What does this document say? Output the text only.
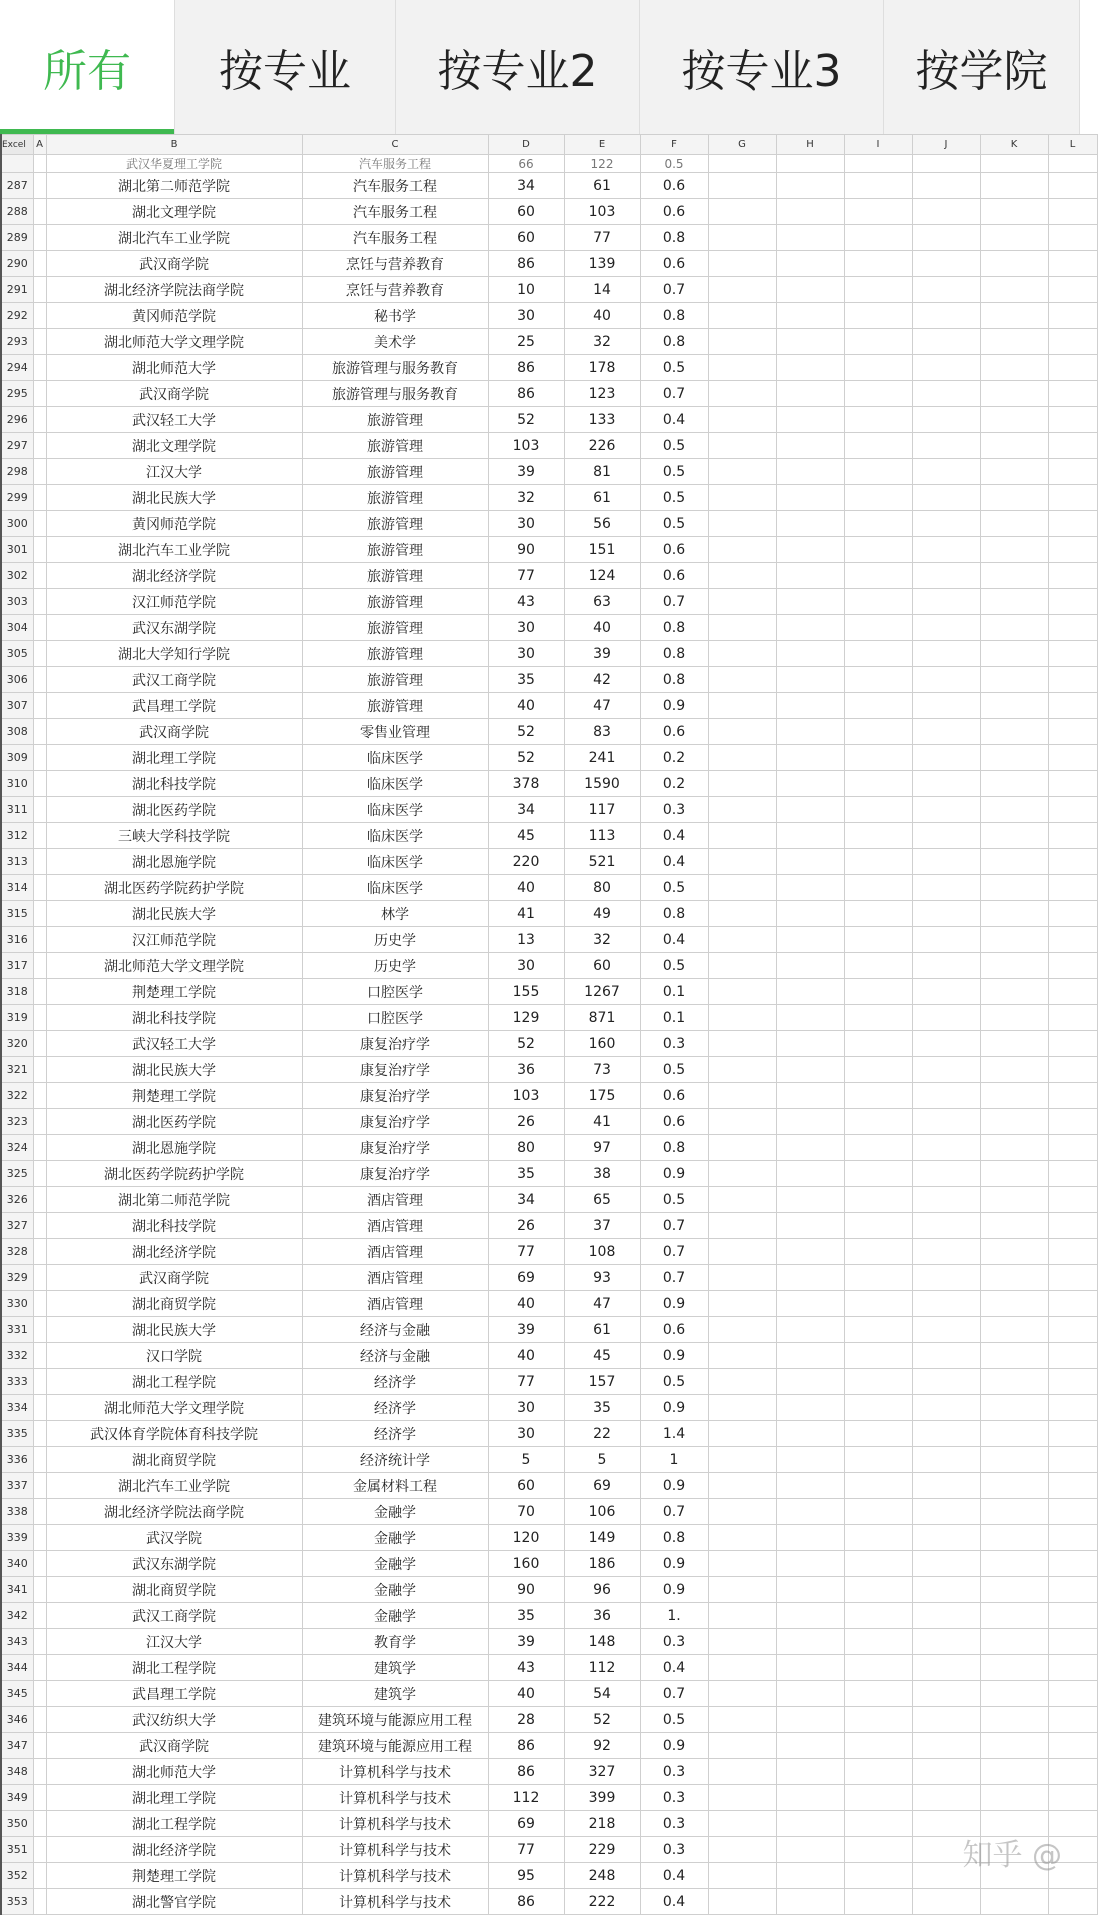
所有	按专业	按专业2	按专业3	按学院
Excel	A	B	C	D	E	F	G	H	I	J	K	L
		武汉华夏理工学院	汽车服务工程	66	122	0.5						
287		湖北第二师范学院	汽车服务工程	34	61	0.6						
288		湖北文理学院	汽车服务工程	60	103	0.6						
289		湖北汽车工业学院	汽车服务工程	60	77	0.8						
290		武汉商学院	烹饪与营养教育	86	139	0.6						
291		湖北经济学院法商学院	烹饪与营养教育	10	14	0.7						
292		黄冈师范学院	秘书学	30	40	0.8						
293		湖北师范大学文理学院	美术学	25	32	0.8						
294		湖北师范大学	旅游管理与服务教育	86	178	0.5						
295		武汉商学院	旅游管理与服务教育	86	123	0.7						
296		武汉轻工大学	旅游管理	52	133	0.4						
297		湖北文理学院	旅游管理	103	226	0.5						
298		江汉大学	旅游管理	39	81	0.5						
299		湖北民族大学	旅游管理	32	61	0.5						
300		黄冈师范学院	旅游管理	30	56	0.5						
301		湖北汽车工业学院	旅游管理	90	151	0.6						
302		湖北经济学院	旅游管理	77	124	0.6						
303		汉江师范学院	旅游管理	43	63	0.7						
304		武汉东湖学院	旅游管理	30	40	0.8						
305		湖北大学知行学院	旅游管理	30	39	0.8						
306		武汉工商学院	旅游管理	35	42	0.8						
307		武昌理工学院	旅游管理	40	47	0.9						
308		武汉商学院	零售业管理	52	83	0.6						
309		湖北理工学院	临床医学	52	241	0.2						
310		湖北科技学院	临床医学	378	1590	0.2						
311		湖北医药学院	临床医学	34	117	0.3						
312		三峡大学科技学院	临床医学	45	113	0.4						
313		湖北恩施学院	临床医学	220	521	0.4						
314		湖北医药学院药护学院	临床医学	40	80	0.5						
315		湖北民族大学	林学	41	49	0.8						
316		汉江师范学院	历史学	13	32	0.4						
317		湖北师范大学文理学院	历史学	30	60	0.5						
318		荆楚理工学院	口腔医学	155	1267	0.1						
319		湖北科技学院	口腔医学	129	871	0.1						
320		武汉轻工大学	康复治疗学	52	160	0.3						
321		湖北民族大学	康复治疗学	36	73	0.5						
322		荆楚理工学院	康复治疗学	103	175	0.6						
323		湖北医药学院	康复治疗学	26	41	0.6						
324		湖北恩施学院	康复治疗学	80	97	0.8						
325		湖北医药学院药护学院	康复治疗学	35	38	0.9						
326		湖北第二师范学院	酒店管理	34	65	0.5						
327		湖北科技学院	酒店管理	26	37	0.7						
328		湖北经济学院	酒店管理	77	108	0.7						
329		武汉商学院	酒店管理	69	93	0.7						
330		湖北商贸学院	酒店管理	40	47	0.9						
331		湖北民族大学	经济与金融	39	61	0.6						
332		汉口学院	经济与金融	40	45	0.9						
333		湖北工程学院	经济学	77	157	0.5						
334		湖北师范大学文理学院	经济学	30	35	0.9						
335		武汉体育学院体育科技学院	经济学	30	22	1.4						
336		湖北商贸学院	经济统计学	5	5	1						
337		湖北汽车工业学院	金属材料工程	60	69	0.9						
338		湖北经济学院法商学院	金融学	70	106	0.7						
339		武汉学院	金融学	120	149	0.8						
340		武汉东湖学院	金融学	160	186	0.9						
341		湖北商贸学院	金融学	90	96	0.9						
342		武汉工商学院	金融学	35	36	1.						
343		江汉大学	教育学	39	148	0.3						
344		湖北工程学院	建筑学	43	112	0.4						
345		武昌理工学院	建筑学	40	54	0.7						
346		武汉纺织大学	建筑环境与能源应用工程	28	52	0.5						
347		武汉商学院	建筑环境与能源应用工程	86	92	0.9						
348		湖北师范大学	计算机科学与技术	86	327	0.3						
349		湖北理工学院	计算机科学与技术	112	399	0.3						
350		湖北工程学院	计算机科学与技术	69	218	0.3						
351		湖北经济学院	计算机科学与技术	77	229	0.3						
352		荆楚理工学院	计算机科学与技术	95	248	0.4						
353		湖北警官学院	计算机科学与技术	86	222	0.4						
知乎 @
